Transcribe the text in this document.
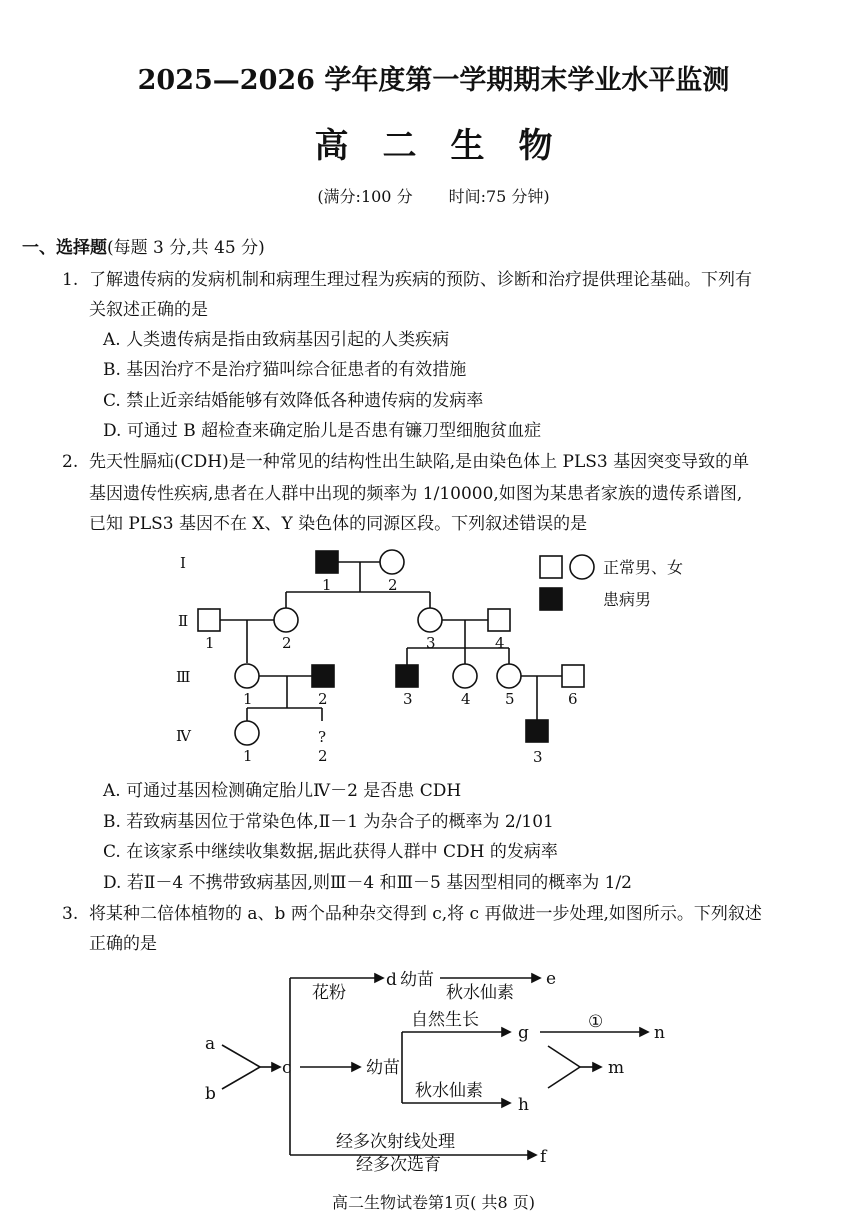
2025—2026 学年度第一学期期末学业水平监测
高二生物
(满分:100 分 时间:75 分钟)
一、选择题(每题 3 分,共 45 分)
1. 了解遗传病的发病机制和病理生理过程为疾病的预防、诊断和治疗提供理论基础。下列有
关叙述正确的是
A. 人类遗传病是指由致病基因引起的人类疾病
B. 基因治疗不是治疗猫叫综合征患者的有效措施
C. 禁止近亲结婚能够有效降低各种遗传病的发病率
D. 可通过 B 超检查来确定胎儿是否患有镰刀型细胞贫血症
2. 先天性膈疝(CDH)是一种常见的结构性出生缺陷,是由染色体上 PLS3 基因突变导致的单
基因遗传性疾病,患者在人群中出现的频率为 1/10000,如图为某患者家族的遗传系谱图,
已知 PLS3 基因不在 X、Y 染色体的同源区段。下列叙述错误的是
Ⅰ
Ⅱ
Ⅲ
Ⅳ
1	2
1	2	3	4
1	2	3	4 5	6
1
?
2	3
正常男、女
患病男
a
b
c
花粉
d 幼苗
秋水仙素
e
幼苗
自然生长
g
①
n
m
秋水仙素
h
经多次射线处理
经多次选育	f
A. 可通过基因检测确定胎儿Ⅳ－2 是否患 CDH
B. 若致病基因位于常染色体,Ⅱ－1 为杂合子的概率为 2/101
C. 在该家系中继续收集数据,据此获得人群中 CDH 的发病率
D. 若Ⅱ－4 不携带致病基因,则Ⅲ－4 和Ⅲ－5 基因型相同的概率为 1/2
3. 将某种二倍体植物的 a、b 两个品种杂交得到 c,将 c 再做进一步处理,如图所示。下列叙述
正确的是
高二生物试卷第1页( 共8 页)
